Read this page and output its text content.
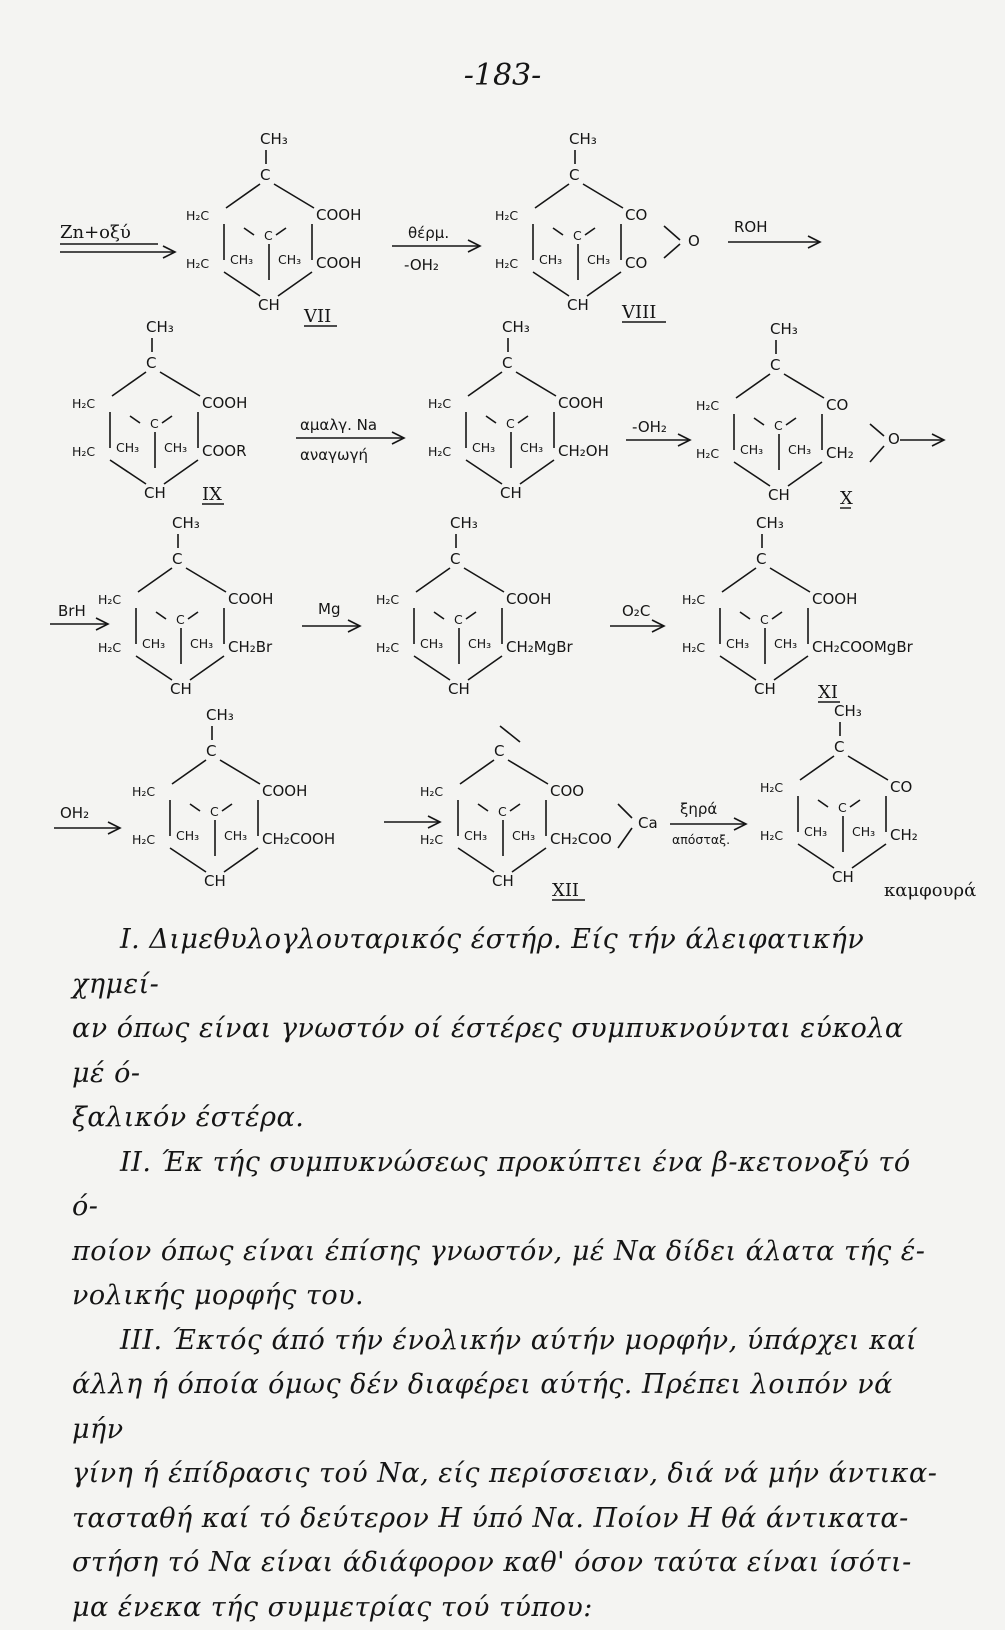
-183-
Zn+οξύ
CH₃
C
H₂C	COOH
C
CH₃ CH₃
H₂C	COOH
CH
VII
θέρμ.
-OH₂
CH₃
C
H₂C	CO
C
CH₃ CH₃
H₂C	CO
CH VIII
O
ROH
CH₃
C
H₂C	COOH
C
CH₃ CH₃
H₂C	COOR
CH IX
αμαλγ. Na
αναγωγή
CH₃
C
H₂C	COOH
C
CH₃ CH₃
H₂C	CH₂OH
CH
-OH₂
CH₃
C
H₂C	CO
C
CH₃ CH₃
H₂C	CH₂
CH	X
O
BrH
CH₃
C
H₂C	COOH
C
CH₃ CH₃
H₂C	CH₂Br
CH
Mg
CH₃
C
H₂C	COOH
C
CH₃ CH₃
H₂C	CH₂MgBr
CH
O₂C
CH₃
C
H₂C	COOH
C
CH₃ CH₃
H₂C	CH₂COOMgBr
CH XI
OH₂
CH₃
C
H₂C	COOH
C
CH₃ CH₃
H₂C	CH₂COOH
CH
C
H₂C	COO
C
CH₃ CH₃
H₂C	CH₂COO
CH XII
Ca
ξηρά
απόσταξ.
CH₃
C
H₂C	CO
C
CH₃ CH₃
H₂C	CH₂
CH
καμφουρά

Ι. Διμεθυλογλουταρικός έστήρ. Είς τήν άλειφατικήν χημεί-

αν όπως είναι γνωστόν οί έστέρες συμπυκνούνται εύκολα μέ ό-

ξαλικόν έστέρα.

ΙΙ. Έκ τής συμπυκνώσεως προκύπτει ένα β-κετονοξύ τό ό-

ποίον όπως είναι έπίσης γνωστόν, μέ Να δίδει άλατα τής έ-

νολικής μορφής του.

ΙΙΙ. Έκτός άπό τήν ένολικήν αύτήν μορφήν, ύπάρχει καί

άλλη ή όποία όμως δέν διαφέρει αύτής. Πρέπει λοιπόν νά μήν

γίνη ή έπίδρασις τού Να, είς περίσσειαν, διά νά μήν άντικα-

τασταθή καί τό δεύτερον Η ύπό Να. Ποίον Η θά άντικατα-

στήση τό Να είναι άδιάφορον καθ' όσον ταύτα είναι ίσότι-

μα ένεκα τής συμμετρίας τού τύπου:
